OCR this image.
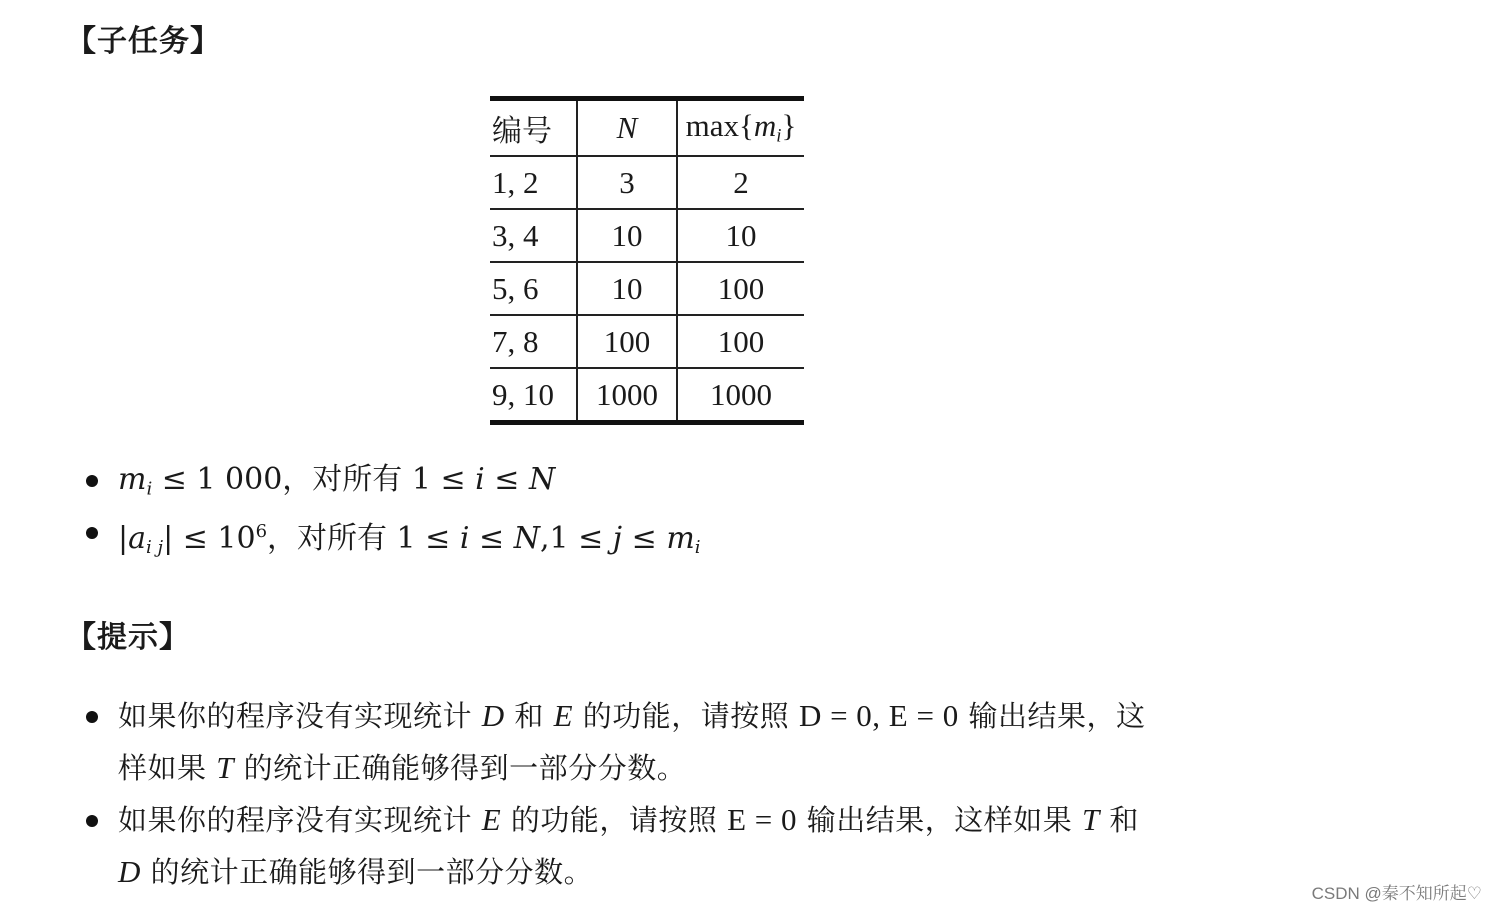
【子任务】
编号	N	$\max\{m_i\}$
1, 2	3	2
3, 4	10	10
5, 6	10	100
7, 8	100	100
9, 10	1000	1000
$m_i \le 1$ 000，对所有 1 ≤ i ≤ N
$|a_{i j}| \le 10^6$，对所有 $1 \le i \le N,1 \le j \le m_i$
【提示】
如果你的程序没有实现统计 D 和 E 的功能，请按照 D = 0, E = 0 输出结果，这
样如果 T 的统计正确能够得到一部分分数。
如果你的程序没有实现统计 E 的功能，请按照 E = 0 输出结果，这样如果 T 和
D 的统计正确能够得到一部分分数。
CSDN @秦不知所起♡
